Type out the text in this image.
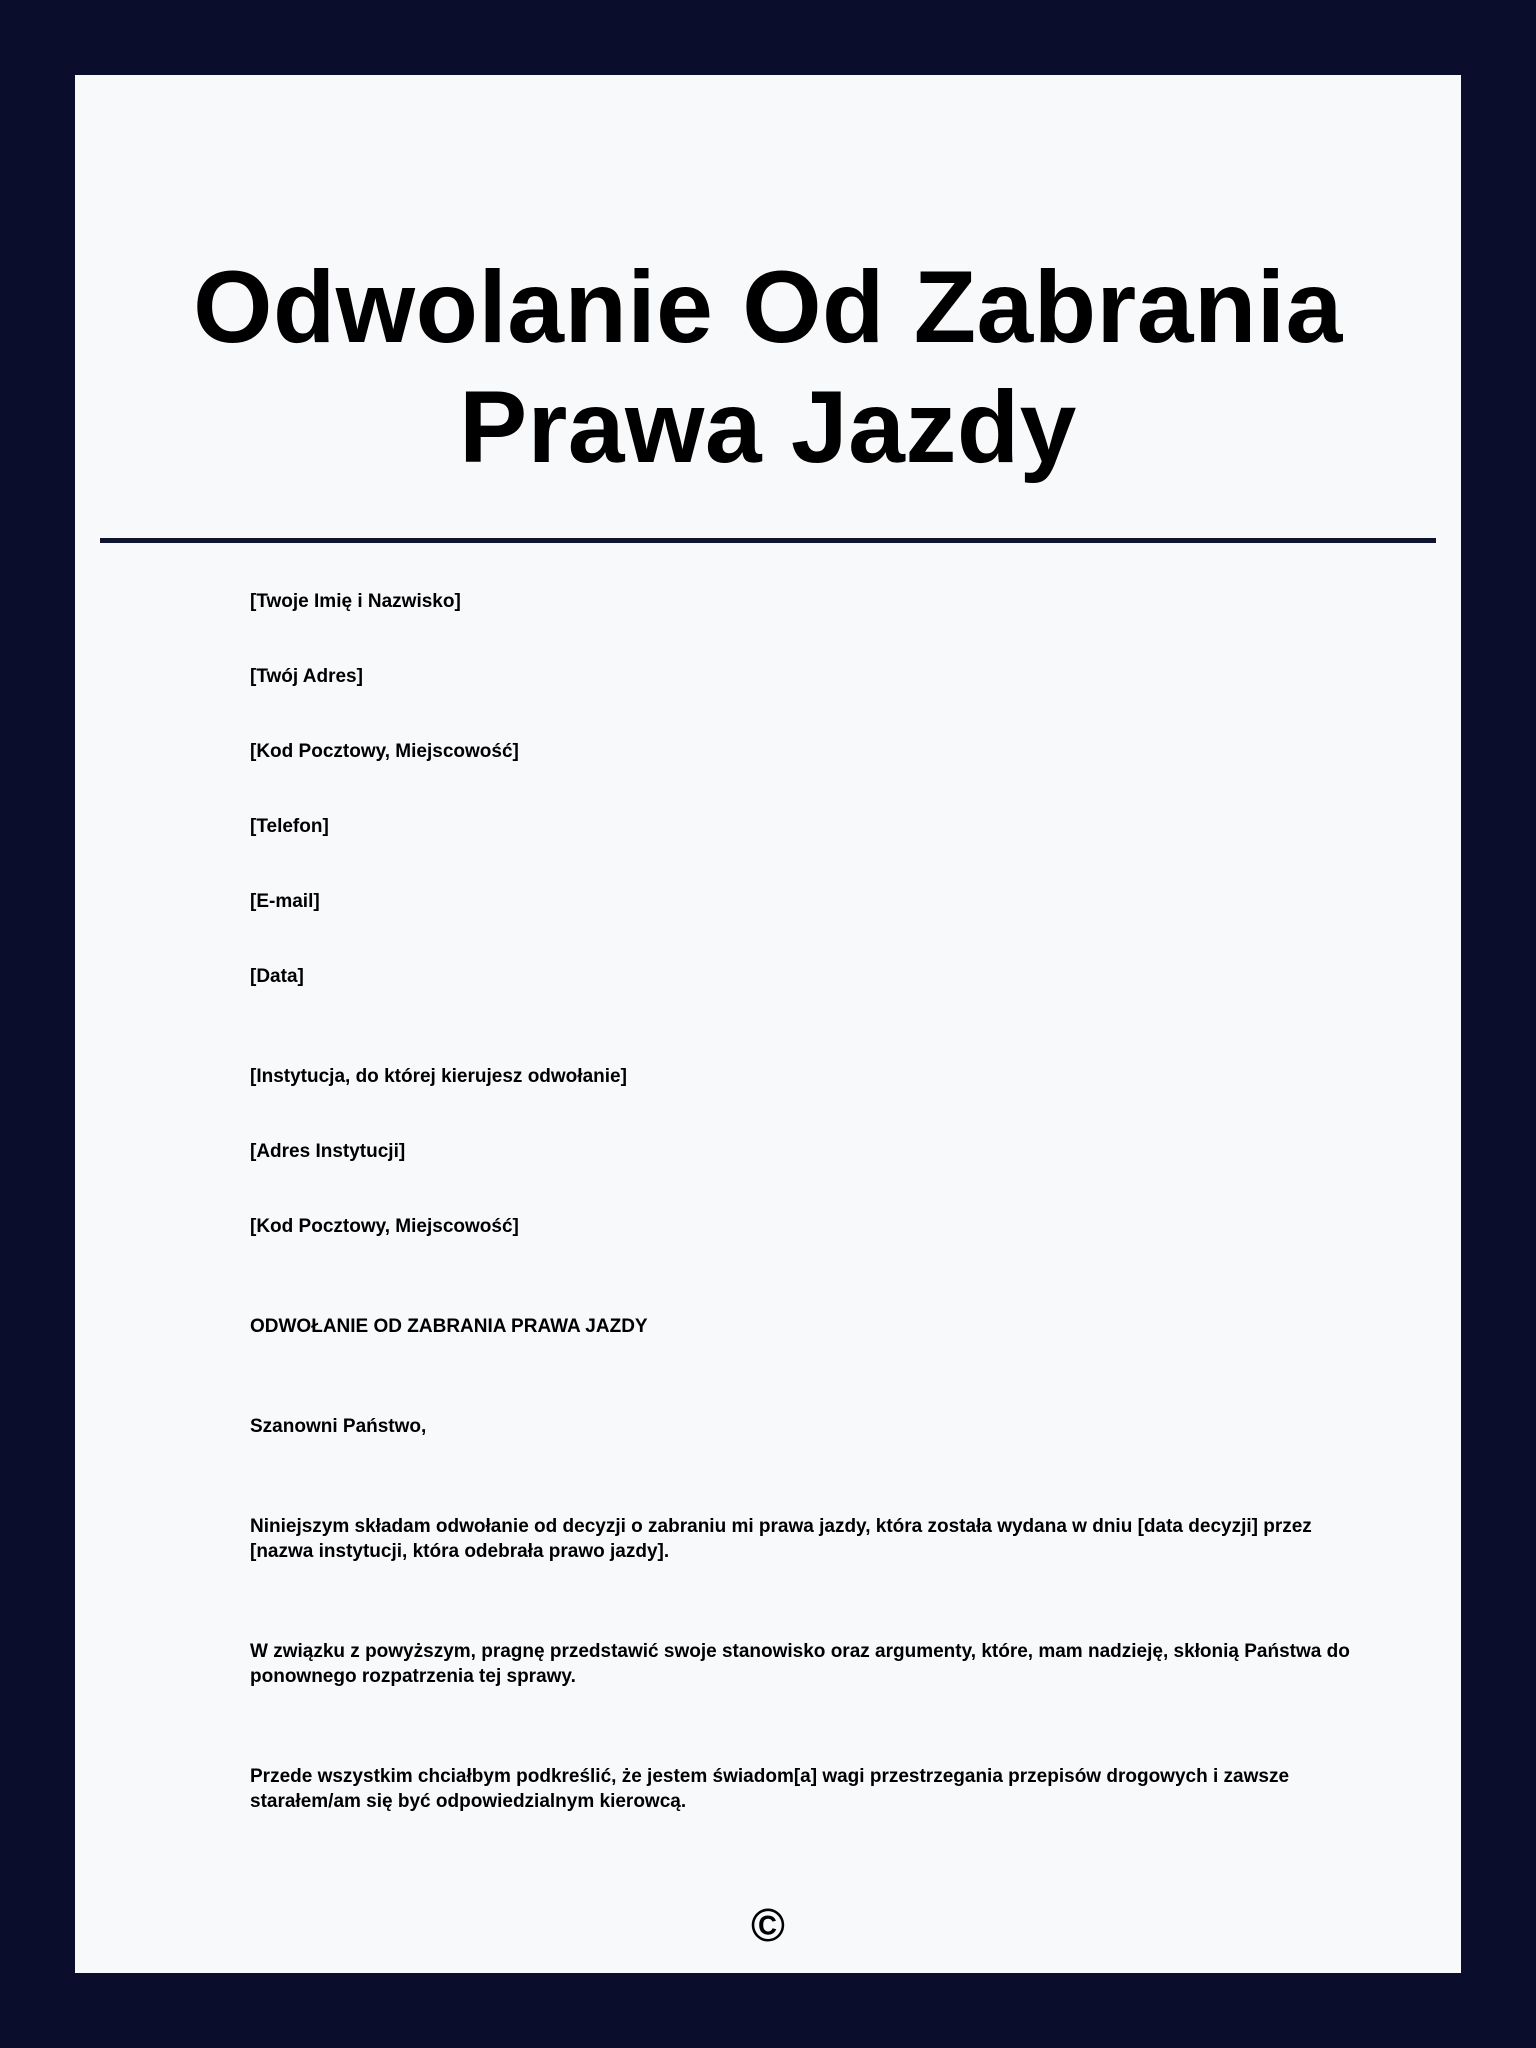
Odwolanie Od Zabrania
Prawa Jazdy

[Twoje Imię i Nazwisko]

[Twój Adres]

[Kod Pocztowy, Miejscowość]

[Telefon]

[E-mail]

[Data]

[Instytucja, do której kierujesz odwołanie]

[Adres Instytucji]

[Kod Pocztowy, Miejscowość]

ODWOŁANIE OD ZABRANIA PRAWA JAZDY

Szanowni Państwo,

Niniejszym składam odwołanie od decyzji o zabraniu mi prawa jazdy, która została wydana w dniu [data decyzji] przez [nazwa instytucji, która odebrała prawo jazdy].

W związku z powyższym, pragnę przedstawić swoje stanowisko oraz argumenty, które, mam nadzieję, skłonią Państwa do ponownego rozpatrzenia tej sprawy.

Przede wszystkim chciałbym podkreślić, że jestem świadom[a] wagi przestrzegania przepisów drogowych i zawsze starałem/am się być odpowiedzialnym kierowcą.

©
